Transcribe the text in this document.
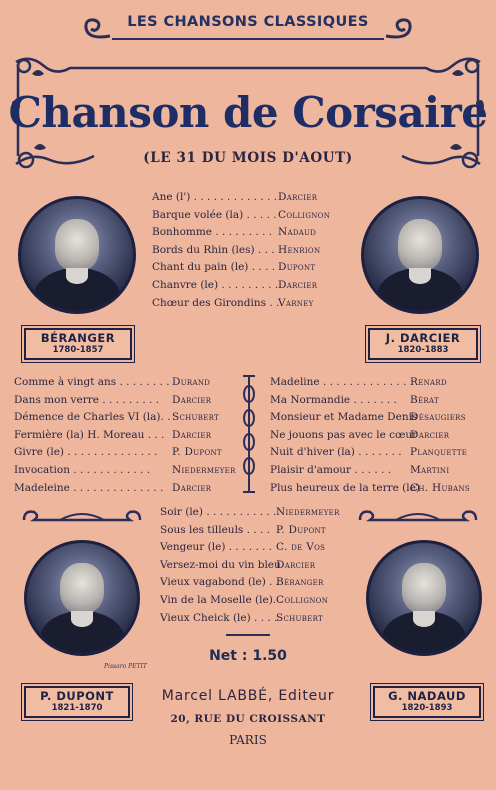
LES CHANSONS CLASSIQUES
Chanson de Corsaire
(LE 31 DU MOIS D'AOUT)
BÉRANGER
1780-1857
J. DARCIER
1820-1883
P. DUPONT
1821-1870
G. NADAUD
1820-1893
Pissaro PETIT
Ane (l') . . . . . . . . . . . . . Darcier
Barque volée (la) . . . . . Collignon
Bonhomme . . . . . . . . . Nadaud
Bords du Rhin (les) . . . Henrion
Chant du pain (le) . . . . Dupont
Chanvre (le) . . . . . . . . . Darcier
Chœur des Girondins . .
Varney
Comme à vingt ans . . . . . . . . Durand
Dans mon verre . . . . . . . . . Darcier
Démence de Charles VI (la). . Schubert
Fermière (la) H. Moreau . . . Darcier
Givre (le) . . . . . . . . . . . . . . P. Dupont
Invocation . . . . . . . . . . . . Niedermeyer
Madeleine . . . . . . . . . . . . . . Darcier
Madeline . . . . . . . . . . . . . Renard
Ma Normandie . . . . . . . Bérat
Monsieur et Madame Denis
Désaugiers
Ne jouons pas avec le cœur
Darcier
Nuit d'hiver (la) . . . . . . . Planquette
Plaisir d'amour . . . . . . Martini
Plus heureux de la terre (le)
Ch. Hubans
Soir (le) . . . . . . . . . . . Niedermeyer
Sous les tilleuls . . . . P. Dupont
Vengeur (le) . . . . . . . C. de Vos
Versez-moi du vin bleu
Darcier
Vieux vagabond (le) . .
Béranger
Vin de la Moselle (le). .
Collignon
Vieux Cheick (le) . . . .
Schubert
Net : 1.50
Marcel LABBÉ, Editeur
20, RUE DU CROISSANT
PARIS
